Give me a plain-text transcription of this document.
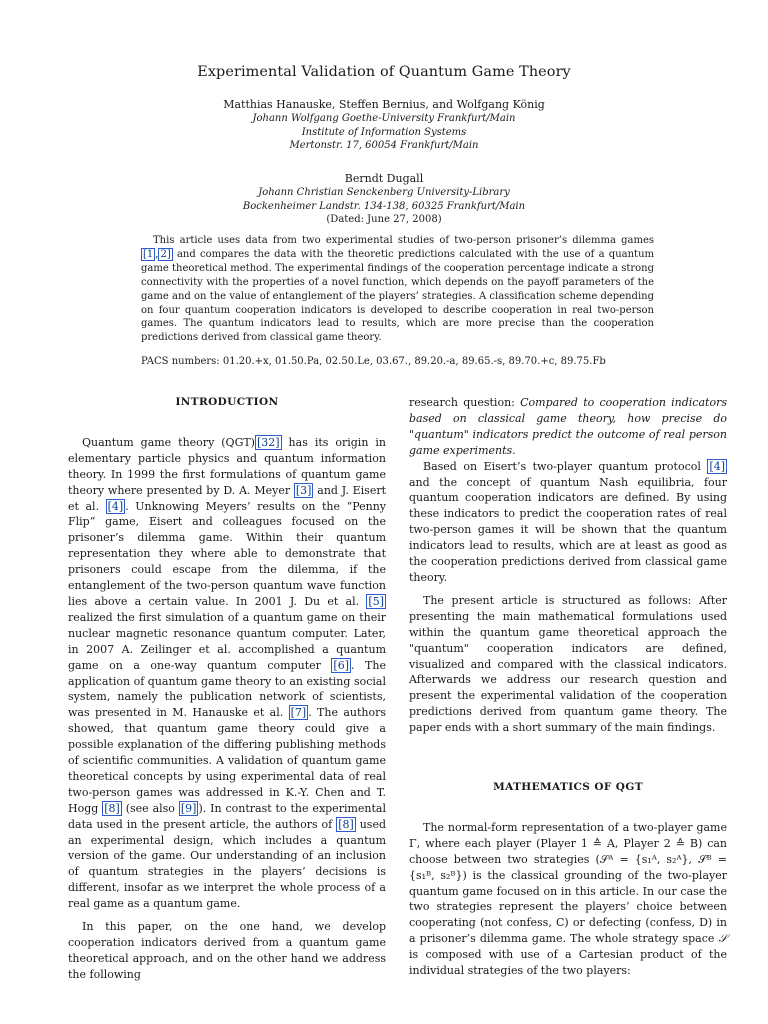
Experimental Validation of Quantum Game Theory
Matthias Hanauske, Steffen Bernius, and Wolfgang König
Johann Wolfgang Goethe-University Frankfurt/Main
Institute of Information Systems
Mertonstr. 17, 60054 Frankfurt/Main
Berndt Dugall
Johann Christian Senckenberg University-Library
Bockenheimer Landstr. 134-138, 60325 Frankfurt/Main
(Dated: June 27, 2008)
This article uses data from two experimental studies of two-person prisoner’s dilemma games [1 , 2] and compares the data with the theoretic predictions calculated with the use of a quantum game theoretical method. The experimental findings of the cooperation percentage indicate a strong connectivity with the properties of a novel function, which depends on the payoff parameters of the game and on the value of entanglement of the players’ strategies. A classification scheme depending on four quantum cooperation indicators is developed to describe cooperation in real two-person games. The quantum indicators lead to results, which are more precise than the cooperation predictions derived from classical game theory.
PACS numbers: 01.20.+x, 01.50.Pa, 02.50.Le, 03.67., 89.20.-a, 89.65.-s, 89.70.+c, 89.75.Fb
INTRODUCTION

Quantum game theory (QGT) [32] has its origin in elementary particle physics and quantum information theory. In 1999 the first formulations of quantum game theory where presented by D. A. Meyer [3] and J. Eisert et al. [4] . Unknowing Meyers’ results on the “Penny Flip” game, Eisert and colleagues focused on the prisoner’s dilemma game. Within their quantum representation they where able to demonstrate that prisoners could escape from the dilemma, if the entanglement of the two-person quantum wave function lies above a certain value. In 2001 J. Du et al. [5] realized the first simulation of a quantum game on their nuclear magnetic resonance quantum computer. Later, in 2007 A. Zeilinger et al. accomplished a quantum game on a one-way quantum computer [6] . The application of quantum game theory to an existing social system, namely the publication network of scientists, was presented in M. Hanauske et al. [7] . The authors showed, that quantum game theory could give a possible explanation of the differing publishing methods of scientific communities. A validation of quantum game theoretical concepts by using experimental data of real two-person games was addressed in K.-Y. Chen and T. Hogg [8] (see also [9] ). In contrast to the experimental data used in the present article, the authors of [8] used an experimental design, which includes a quantum version of the game. Our understanding of an inclusion of quantum strategies in the players’ decisions is different, insofar as we interpret the whole process of a real game as a quantum game.

In this paper, on the one hand, we develop cooperation indicators derived from a quantum game theoretical approach, and on the other hand we address the following

research question: Compared to cooperation indicators based on classical game theory, how precise do "quantum" indicators predict the outcome of real person game experiments.

Based on Eisert’s two-player quantum protocol [4] and the concept of quantum Nash equilibria, four quantum cooperation indicators are defined. By using these indicators to predict the cooperation rates of real two-person games it will be shown that the quantum indicators lead to results, which are at least as good as the cooperation predictions derived from classical game theory.

The present article is structured as follows: After presenting the main mathematical formulations used within the quantum game theoretical approach the "quantum" cooperation indicators are defined, visualized and compared with the classical indicators. Afterwards we address our research question and present the experimental validation of the cooperation predictions derived from quantum game theory. The paper ends with a short summary of the main findings.

MATHEMATICS OF QGT

The normal-form representation of a two-player game Γ, where each player (Player 1 ≙ A, Player 2 ≙ B) can choose between two strategies (𝒮ᴬ = {s₁ᴬ, s₂ᴬ}, 𝒮ᴮ = {s₁ᴮ, s₂ᴮ}) is the classical grounding of the two-player quantum game focused on in this article. In our case the two strategies represent the players’ choice between cooperating (not confess, C) or defecting (confess, D) in a prisoner’s dilemma game. The whole strategy space 𝒮 is composed with use of a Cartesian product of the individual strategies of the two players:
